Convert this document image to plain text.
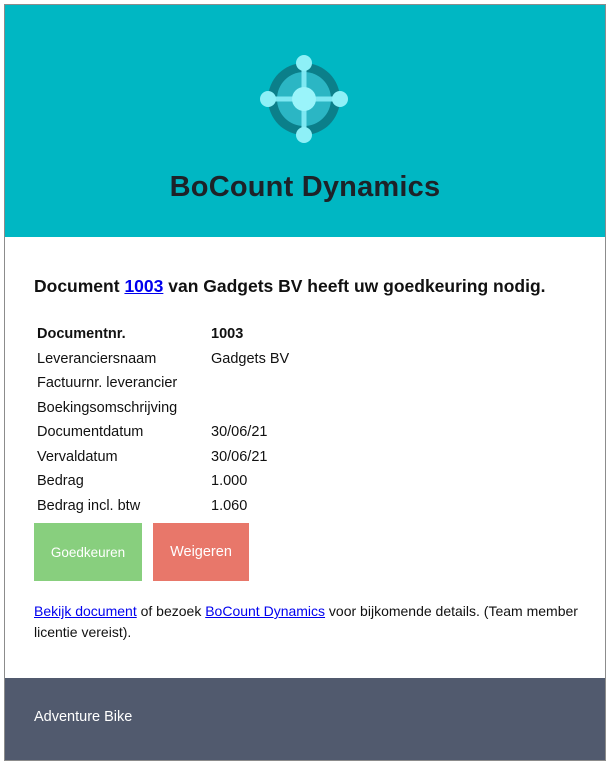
BoCount Dynamics
Document 1003 van Gadgets BV heeft uw goedkeuring nodig.
Documentnr.	1003
Leveranciersnaam	Gadgets BV
Factuurnr. leverancier
Boekingsomschrijving
Documentdatum	30/06/21
Vervaldatum	30/06/21
Bedrag	1.000
Bedrag incl. btw	1.060
Goedkeuren	Weigeren
Bekijk document of bezoek BoCount Dynamics voor bijkomende details. (Team member licentie vereist).
Adventure Bike
